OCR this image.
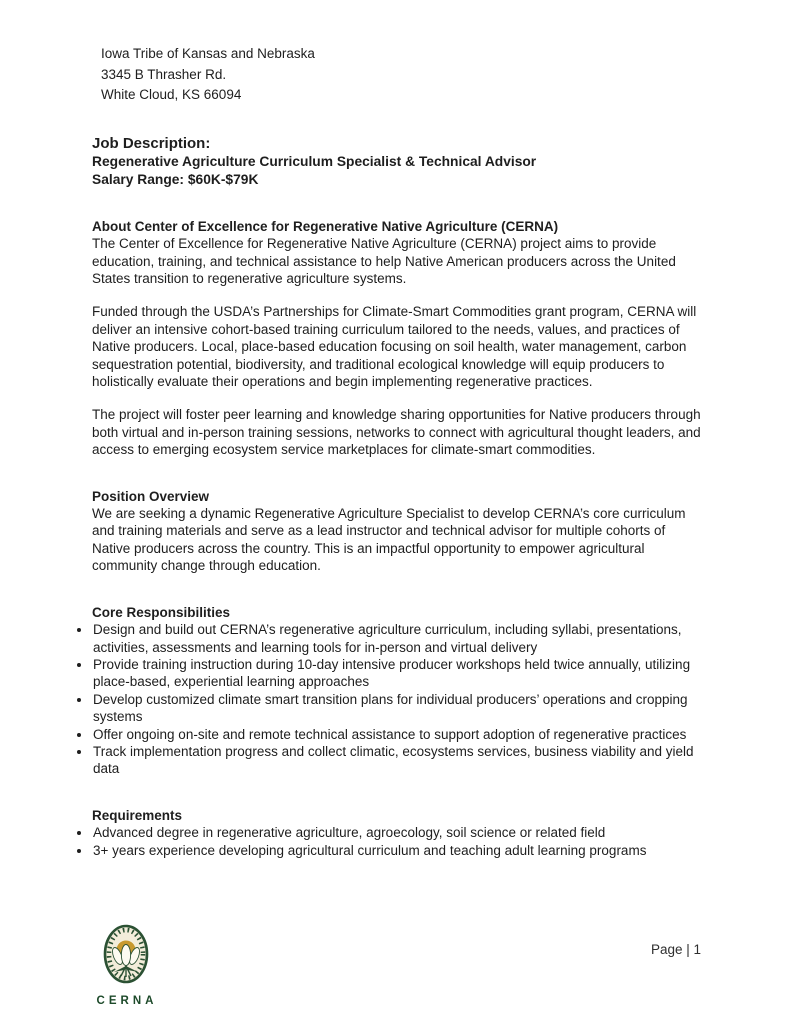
Iowa Tribe of Kansas and Nebraska
3345 B Thrasher Rd.
White Cloud, KS 66094
Job Description:
Regenerative Agriculture Curriculum Specialist & Technical Advisor
Salary Range: $60K-$79K
About Center of Excellence for Regenerative Native Agriculture (CERNA)

The Center of Excellence for Regenerative Native Agriculture (CERNA) project aims to provide education, training, and technical assistance to help Native American producers across the United States transition to regenerative agriculture systems.

Funded through the USDA’s Partnerships for Climate-Smart Commodities grant program, CERNA will deliver an intensive cohort-based training curriculum tailored to the needs, values, and practices of Native producers. Local, place-based education focusing on soil health, water management, carbon sequestration potential, biodiversity, and traditional ecological knowledge will equip producers to holistically evaluate their operations and begin implementing regenerative practices.

The project will foster peer learning and knowledge sharing opportunities for Native producers through both virtual and in-person training sessions, networks to connect with agricultural thought leaders, and access to emerging ecosystem service marketplaces for climate-smart commodities.

Position Overview

We are seeking a dynamic Regenerative Agriculture Specialist to develop CERNA’s core curriculum and training materials and serve as a lead instructor and technical advisor for multiple cohorts of Native producers across the country. This is an impactful opportunity to empower agricultural community change through education.

Core Responsibilities
• Design and build out CERNA’s regenerative agriculture curriculum, including syllabi, presentations, activities, assessments and learning tools for in-person and virtual delivery
• Provide training instruction during 10-day intensive producer workshops held twice annually, utilizing place-based, experiential learning approaches
• Develop customized climate smart transition plans for individual producers’ operations and cropping systems
• Offer ongoing on-site and remote technical assistance to support adoption of regenerative practices
• Track implementation progress and collect climatic, ecosystems services, business viability and yield data
Requirements
• Advanced degree in regenerative agriculture, agroecology, soil science or related field
• 3+ years experience developing agricultural curriculum and teaching adult learning programs
CERNA
Page | 1
